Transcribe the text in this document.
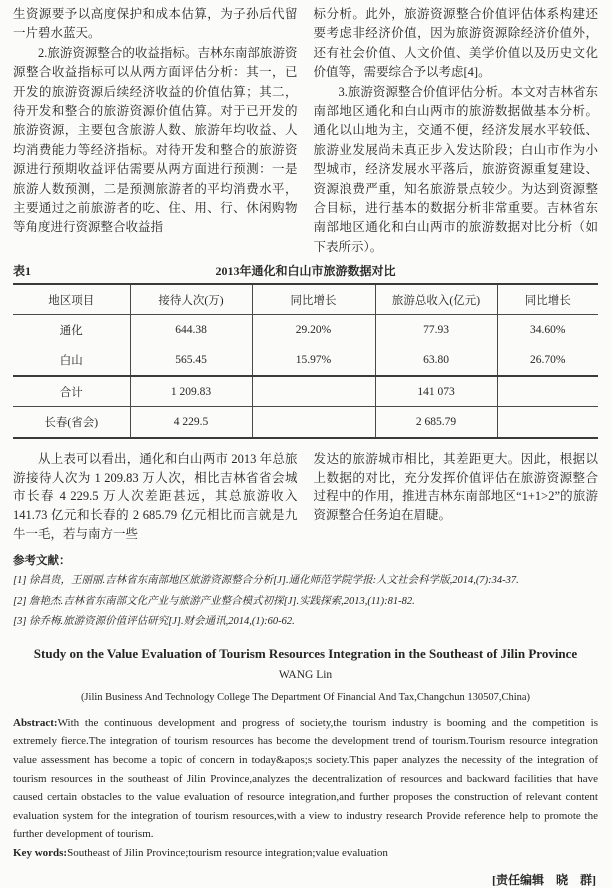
生资源要予以高度保护和成本估算，为子孙后代留一片碧水蓝天。

2.旅游资源整合的收益指标。吉林东南部旅游资源整合收益指标可以从两方面评估分析：其一，已开发的旅游资源后续经济收益的价值估算；其二，待开发和整合的旅游资源价值估算。对于已开发的旅游资源，主要包含旅游人数、旅游年均收益、人均消费能力等经济指标。对待开发和整合的旅游资源进行预期收益评估需要从两方面进行预测：一是旅游人数预测，二是预测旅游者的平均消费水平，主要通过之前旅游者的吃、住、用、行、休闲购物等角度进行资源整合收益指

标分析。此外，旅游资源整合价值评估体系构建还要考虑非经济价值，因为旅游资源除经济价值外，还有社会价值、人文价值、美学价值以及历史文化价值等，需要综合予以考虑[4]。

3.旅游资源整合价值评估分析。本文对吉林省东南部地区通化和白山两市的旅游数据做基本分析。通化以山地为主，交通不便，经济发展水平较低、旅游业发展尚未真正步入发达阶段；白山市作为小型城市，经济发展水平落后，旅游资源重复建设、资源浪费严重，知名旅游景点较少。为达到资源整合目标，进行基本的数据分析非常重要。吉林省东南部地区通化和白山两市的旅游数据对比分析（如下表所示）。

表1	2013年通化和白山市旅游数据对比
地区项目	接待人次(万)	同比增长	旅游总收入(亿元)	同比增长
通化	644.38	29.20%	77.93	34.60%
白山	565.45	15.97%	63.80	26.70%
合计	1 209.83		141 073	
长春(省会)	4 229.5		2 685.79	

从上表可以看出，通化和白山两市 2013 年总旅游接待人次为 1 209.83 万人次，相比吉林省省会城市长春 4 229.5 万人次差距甚远，其总旅游收入 141.73 亿元和长春的 2 685.79 亿元相比而言就是九牛一毛，若与南方一些

发达的旅游城市相比，其差距更大。因此，根据以上数据的对比，充分发挥价值评估在旅游资源整合过程中的作用，推进吉林东南部地区“1+1>2”的旅游资源整合任务迫在眉睫。

参考文献：
[1] 徐昌贵，王丽丽.吉林省东南部地区旅游资源整合分析[J].通化师范学院学报:人文社会科学版,2014,(7):34-37.
[2] 詹艳杰.吉林省东南部文化产业与旅游产业整合模式初探[J].实践探索,2013,(11):81-82.
[3] 徐乔梅.旅游资源价值评估研究[J].财会通讯,2014,(1):60-62.
Study on the Value Evaluation of Tourism Resources Integration in the Southeast of Jilin Province
WANG Lin
(Jilin Business And Technology College The Department Of Financial And Tax,Changchun 130507,China)

Abstract:With the continuous development and progress of society,the tourism industry is booming and the competition is extremely fierce.The integration of tourism resources has become the development trend of tourism.Tourism resource integration value assessment has become a topic of concern in today&apos;s society.This paper analyzes the necessity of the integration of tourism resources in the southeast of Jilin Province,analyzes the decentralization of resources and backward facilities that have caused certain obstacles to the value evaluation of resource integration,and further proposes the construction of relevant content evaluation system for the integration of tourism resources,with a view to industry research Provide reference help to promote the further development of tourism.

Key words:Southeast of Jilin Province;tourism resource integration;value evaluation

[责任编辑　晓　群]
